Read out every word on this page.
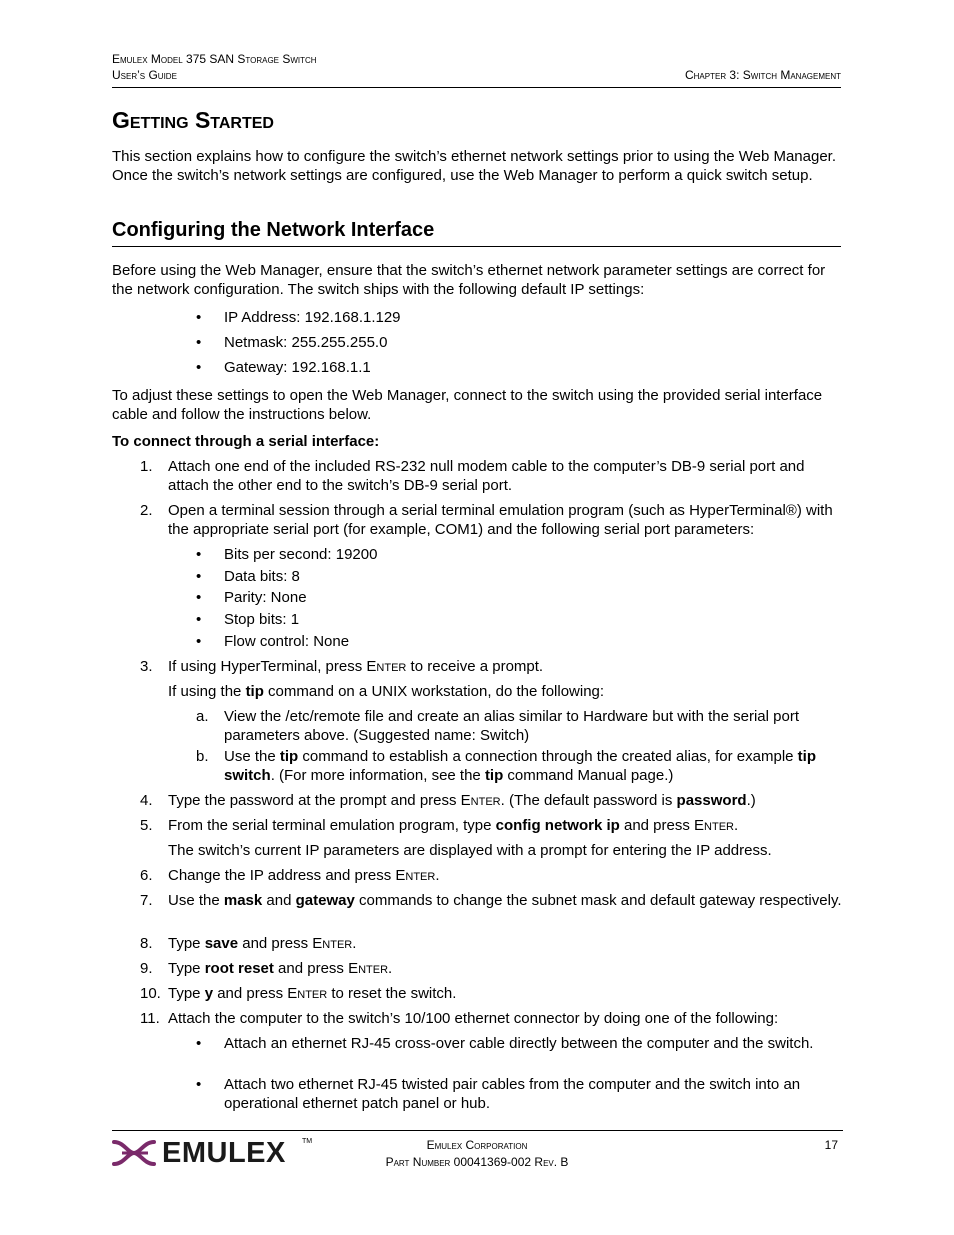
Emulex Model 375 SAN Storage Switch
User’s Guide	Chapter 3: Switch Management
Getting Started
This section explains how to configure the switch’s ethernet network settings prior to using the Web Manager. Once the switch’s network settings are configured, use the Web Manager to perform a quick switch setup.
Configuring the Network Interface
Before using the Web Manager, ensure that the switch’s ethernet network parameter settings are correct for the network configuration. The switch ships with the following default IP settings:
• IP Address: 192.168.1.129
• Netmask: 255.255.255.0
• Gateway: 192.168.1.1
To adjust these settings to open the Web Manager, connect to the switch using the provided serial interface cable and follow the instructions below.
To connect through a serial interface:
1. Attach one end of the included RS-232 null modem cable to the computer’s DB-9 serial port and attach the other end to the switch’s DB-9 serial port.
2. Open a terminal session through a serial terminal emulation program (such as HyperTerminal®) with the appropriate serial port (for example, COM1) and the following serial port parameters:
• Bits per second: 19200
• Data bits: 8
• Parity: None
• Stop bits: 1
• Flow control: None
3. If using HyperTerminal, press Enter to receive a prompt.
If using the tip command on a UNIX workstation, do the following:
a. View the /etc/remote file and create an alias similar to Hardware but with the serial port parameters above. (Suggested name: Switch)
b. Use the tip command to establish a connection through the created alias, for example tip switch. (For more information, see the tip command Manual page.)
4. Type the password at the prompt and press Enter. (The default password is password.)
5. From the serial terminal emulation program, type config network ip and press Enter.
The switch’s current IP parameters are displayed with a prompt for entering the IP address.
6. Change the IP address and press Enter.
7. Use the mask and gateway commands to change the subnet mask and default gateway respectively.
8. Type save and press Enter.
9. Type root reset and press Enter.
10. Type y and press Enter to reset the switch.
11. Attach the computer to the switch’s 10/100 ethernet connector by doing one of the following:
• Attach an ethernet RJ-45 cross-over cable directly between the computer and the switch.
• Attach two ethernet RJ-45 twisted pair cables from the computer and the switch into an operational ethernet patch panel or hub.
EMULEX TM	Emulex Corporation
Part Number 00041369-002 Rev. B
17
